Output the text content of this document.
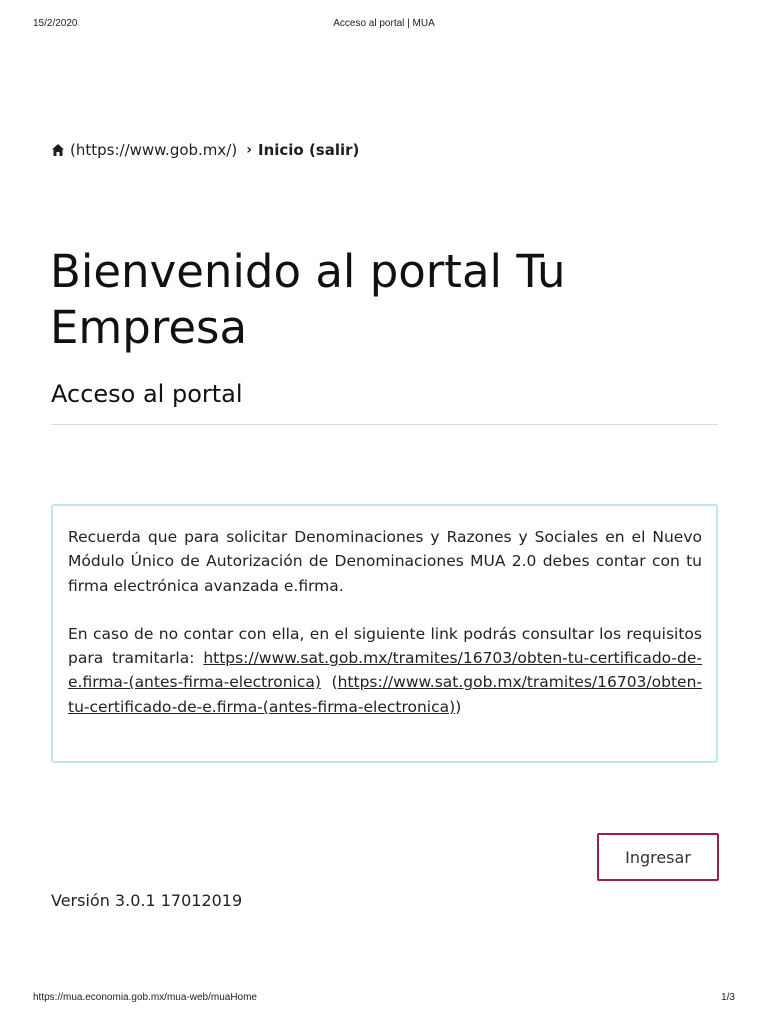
15/2/2020	Acceso al portal | MUA
(https://www.gob.mx/) › Inicio (salir)
Bienvenido al portal Tu Empresa
Acceso al portal

Recuerda que para solicitar Denominaciones y Razones y Sociales en el Nuevo Módulo Único de Autorización de Denominaciones MUA 2.0 debes contar con tu firma electrónica avanzada e.firma.

En caso de no contar con ella, en el siguiente link podrás consultar los requisitos para tramitarla: https://www.sat.gob.mx/tramites/16703/obten-tu-certificado-de-e.firma-(antes-firma-electronica) (https://www.sat.gob.mx/tramites/16703/obten-tu-certificado-de-e.firma-(antes-firma-electronica))

Ingresar
Versión 3.0.1 17012019
https://mua.economia.gob.mx/mua-web/muaHome	1/3
